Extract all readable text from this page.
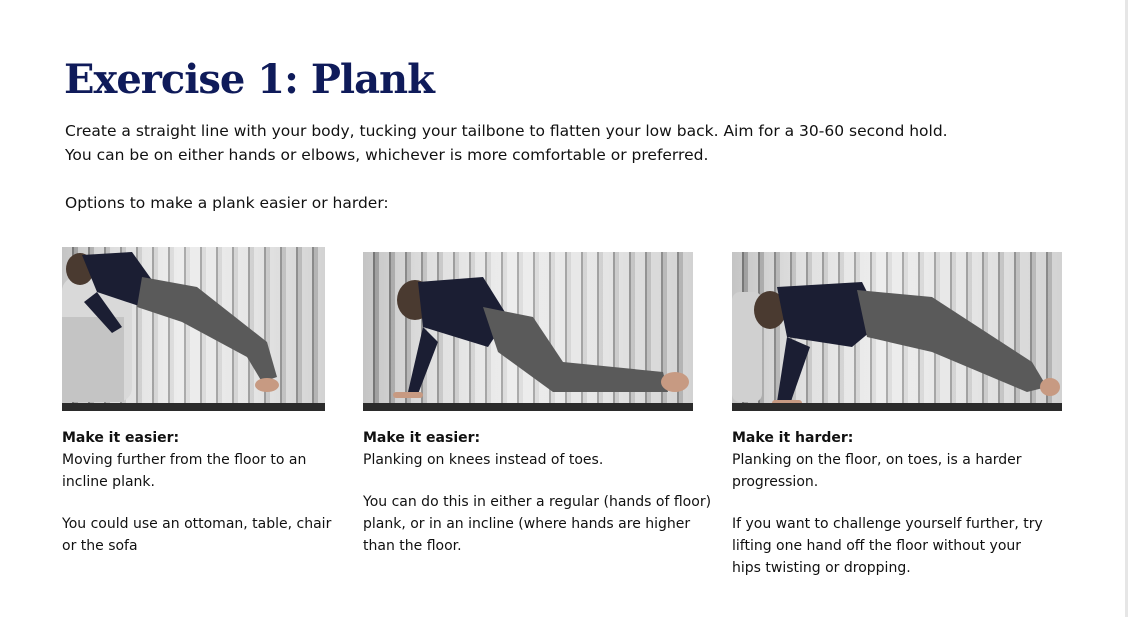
Exercise 1: Plank

Create a straight line with your body, tucking your tailbone to flatten your low back. Aim for a 30-60 second hold.

You can be on either hands or elbows, whichever is more comfortable or preferred.

Options to make a plank easier or harder:

Make it easier:

Moving further from the floor to an incline plank.

You could use an ottoman, table, chair or the sofa

Make it easier:

Planking on knees instead of toes.

You can do this in either a regular (hands of floor) plank, or in an incline (where hands are higher than the floor.

Make it harder:

Planking on the floor, on toes, is a harder progression.

If you want to challenge yourself further, try lifting one hand off the floor without your hips twisting or dropping.
